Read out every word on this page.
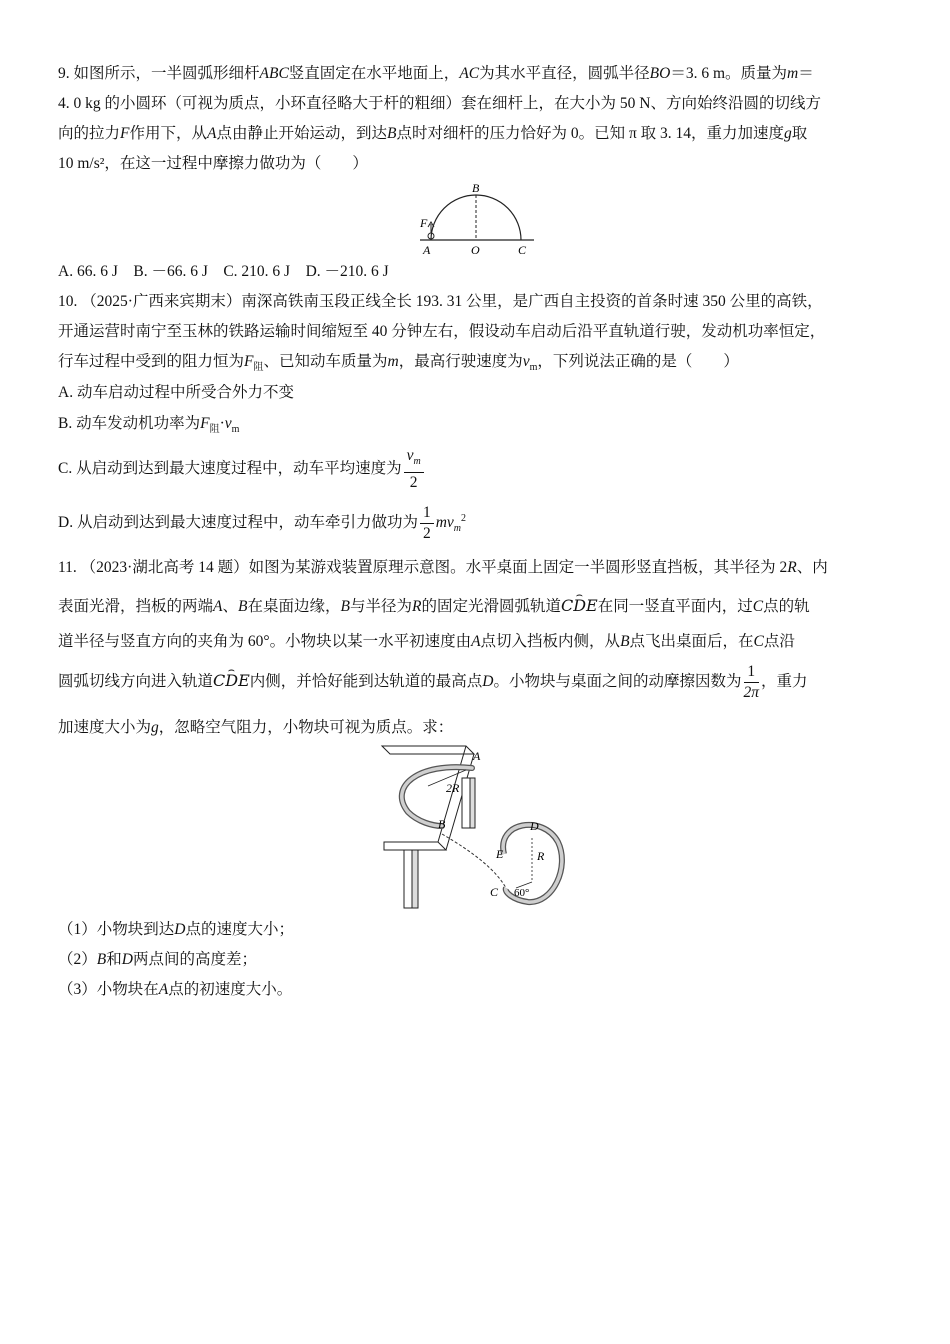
9. 如图所示，一半圆弧形细杆ABC竖直固定在水平地面上，AC为其水平直径，圆弧半径BO＝3. 6 m。质量为m＝
4. 0 kg 的小圆环（可视为质点，小环直径略大于杆的粗细）套在细杆上，在大小为 50 N、方向始终沿圆的切线方
向的拉力F作用下，从A点由静止开始运动，到达B点时对细杆的压力恰好为 0。已知 π 取 3. 14，重力加速度g取
10 m/s²，在这一过程中摩擦力做功为（　　）
B
F
A	O	C
A. 66. 6 J　B. －66. 6 J　C. 210. 6 J　D. －210. 6 J
10. （2025·广西来宾期末）南深高铁南玉段正线全长 193. 31 公里，是广西自主投资的首条时速 350 公里的高铁，
开通运营时南宁至玉林的铁路运输时间缩短至 40 分钟左右，假设动车启动后沿平直轨道行驶，发动机功率恒定，
行车过程中受到的阻力恒为$F_阻$、已知动车质量为m，最高行驶速度为$v_m$，下列说法正确的是（　　）
A. 动车启动过程中所受合外力不变
B. 动车发动机功率为$F_阻\cdot v_m$
C. 从启动到达到最大速度过程中，动车平均速度为 $\frac{v_m}{2}$
D. 从启动到达到最大速度过程中，动车牵引力做功为 $\frac{1}{2} mv_m^2$
11. （2023·湖北高考 14 题）如图为某游戏装置原理示意图。水平桌面上固定一半圆形竖直挡板，其半径为 2R、内
表面光滑，挡板的两端A、B在桌面边缘，B与半径为R的固定光滑圆弧轨道⌢ CDE在同一竖直平面内，过C点的轨
道半径与竖直方向的夹角为 60°。小物块以某一水平初速度由A点切入挡板内侧，从B点飞出桌面后，在C点沿
圆弧切线方向进入轨道⌢ CDE内侧，并恰好能到达轨道的最高点D。小物块与桌面之间的动摩擦因数为 $\frac{1}{2\pi}$ ，重力
加速度大小为g，忽略空气阻力，小物块可视为质点。求：
A
2R
B	D
E	R
C 60°
（1）小物块到达D点的速度大小；
（2）B和D两点间的高度差；
（3）小物块在A点的初速度大小。
